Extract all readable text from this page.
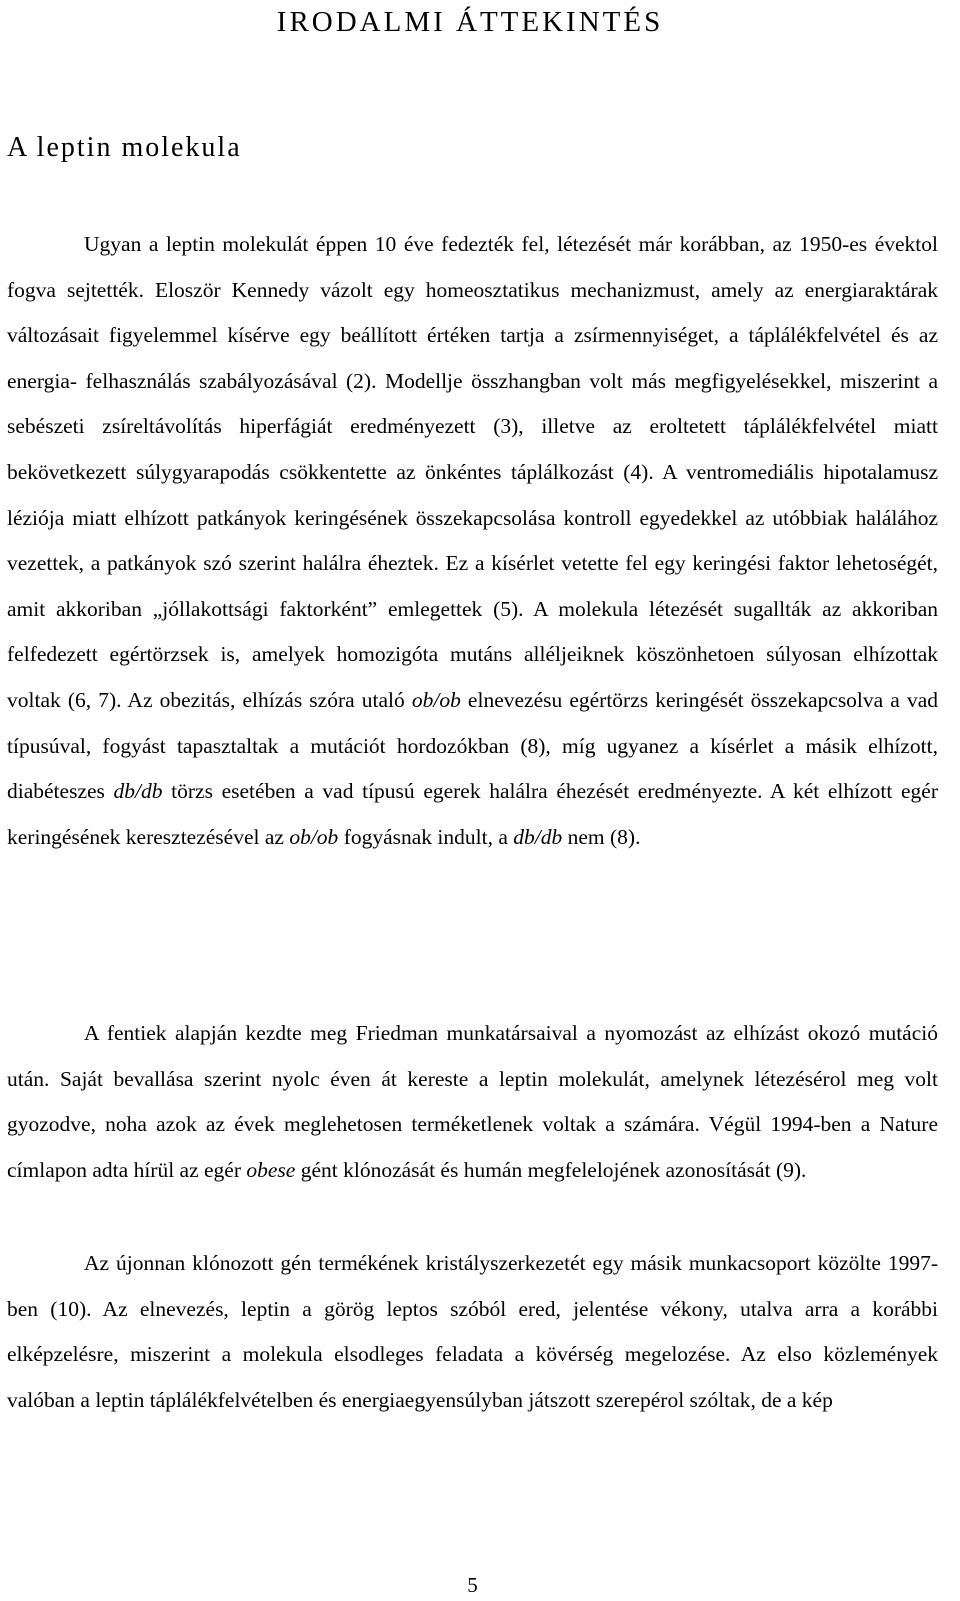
IRODALMI ÁTTEKINTÉS
A leptin molekula

Ugyan a leptin molekulát éppen 10 éve fedezték fel, létezését már korábban, az 1950-es évektol fogva sejtették. Eloször Kennedy vázolt egy homeosztatikus mechanizmust, amely az energiaraktárak változásait figyelemmel kísérve egy beállított értéken tartja a zsírmennyiséget, a táplálékfelvétel és az energia- felhasználás szabályozásával (2). Modellje összhangban volt más megfigyelésekkel, miszerint a sebészeti zsíreltávolítás hiperfágiát eredményezett (3), illetve az eroltetett táplálékfelvétel miatt bekövetkezett súlygyarapodás csökkentette az önkéntes táplálkozást (4). A ventromediális hipotalamusz léziója miatt elhízott patkányok keringésének összekapcsolása kontroll egyedekkel az utóbbiak halálához vezettek, a patkányok szó szerint halálra éheztek. Ez a kísérlet vetette fel egy keringési faktor lehetoségét, amit akkoriban „jóllakottsági faktorként” emlegettek (5). A molekula létezését sugallták az akkoriban felfedezett egértörzsek is, amelyek homozigóta mutáns alléljeiknek köszönhetoen súlyosan elhízottak voltak (6, 7). Az obezitás, elhízás szóra utaló ob/ob elnevezésu egértörzs keringését összekapcsolva a vad típusúval, fogyást tapasztaltak a mutációt hordozókban (8), míg ugyanez a kísérlet a másik elhízott, diabéteszes db/db törzs esetében a vad típusú egerek halálra éhezését eredményezte. A két elhízott egér keringésének keresztezésével az ob/ob fogyásnak indult, a db/db nem (8).

A fentiek alapján kezdte meg Friedman munkatársaival a nyomozást az elhízást okozó mutáció után. Saját bevallása szerint nyolc éven át kereste a leptin molekulát, amelynek létezésérol meg volt gyozodve, noha azok az évek meglehetosen terméketlenek voltak a számára. Végül 1994-ben a Nature címlapon adta hírül az egér obese gént klónozását és humán megfelelojének azonosítását (9).

Az újonnan klónozott gén termékének kristályszerkezetét egy másik munkacsoport közölte 1997-ben (10). Az elnevezés, leptin a görög leptos szóból ered, jelentése vékony, utalva arra a korábbi elképzelésre, miszerint a molekula elsodleges feladata a kövérség megelozése. Az elso közlemények valóban a leptin táplálékfelvételben és energiaegyensúlyban játszott szerepérol szóltak, de a kép

5
